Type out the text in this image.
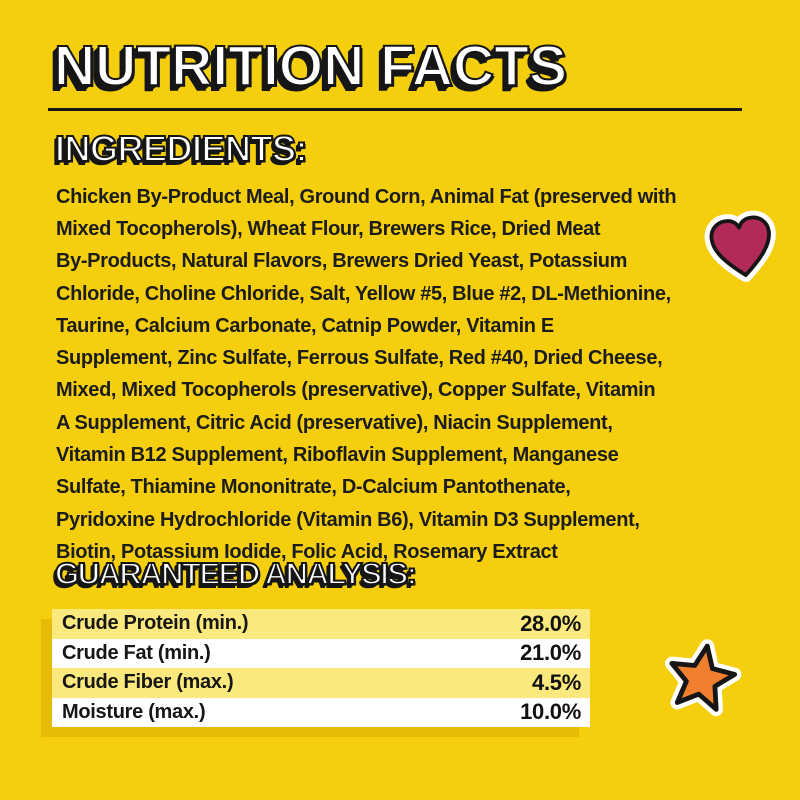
NUTRITION FACTS
INGREDIENTS:
Chicken By-Product Meal, Ground Corn, Animal Fat (preserved with
Mixed Tocopherols), Wheat Flour, Brewers Rice, Dried Meat
By-Products, Natural Flavors, Brewers Dried Yeast, Potassium
Chloride, Choline Chloride, Salt, Yellow #5, Blue #2, DL-Methionine,
Taurine, Calcium Carbonate, Catnip Powder, Vitamin E
Supplement, Zinc Sulfate, Ferrous Sulfate, Red #40, Dried Cheese,
Mixed, Mixed Tocopherols (preservative), Copper Sulfate, Vitamin
A Supplement, Citric Acid (preservative), Niacin Supplement,
Vitamin B12 Supplement, Riboflavin Supplement, Manganese
Sulfate, Thiamine Mononitrate, D-Calcium Pantothenate,
Pyridoxine Hydrochloride (Vitamin B6), Vitamin D3 Supplement,
Biotin, Potassium Iodide, Folic Acid, Rosemary Extract
GUARANTEED ANALYSIS:
Crude Protein (min.)	28.0%
Crude Fat (min.)	21.0%
Crude Fiber (max.)	4.5%
Moisture (max.)	10.0%
